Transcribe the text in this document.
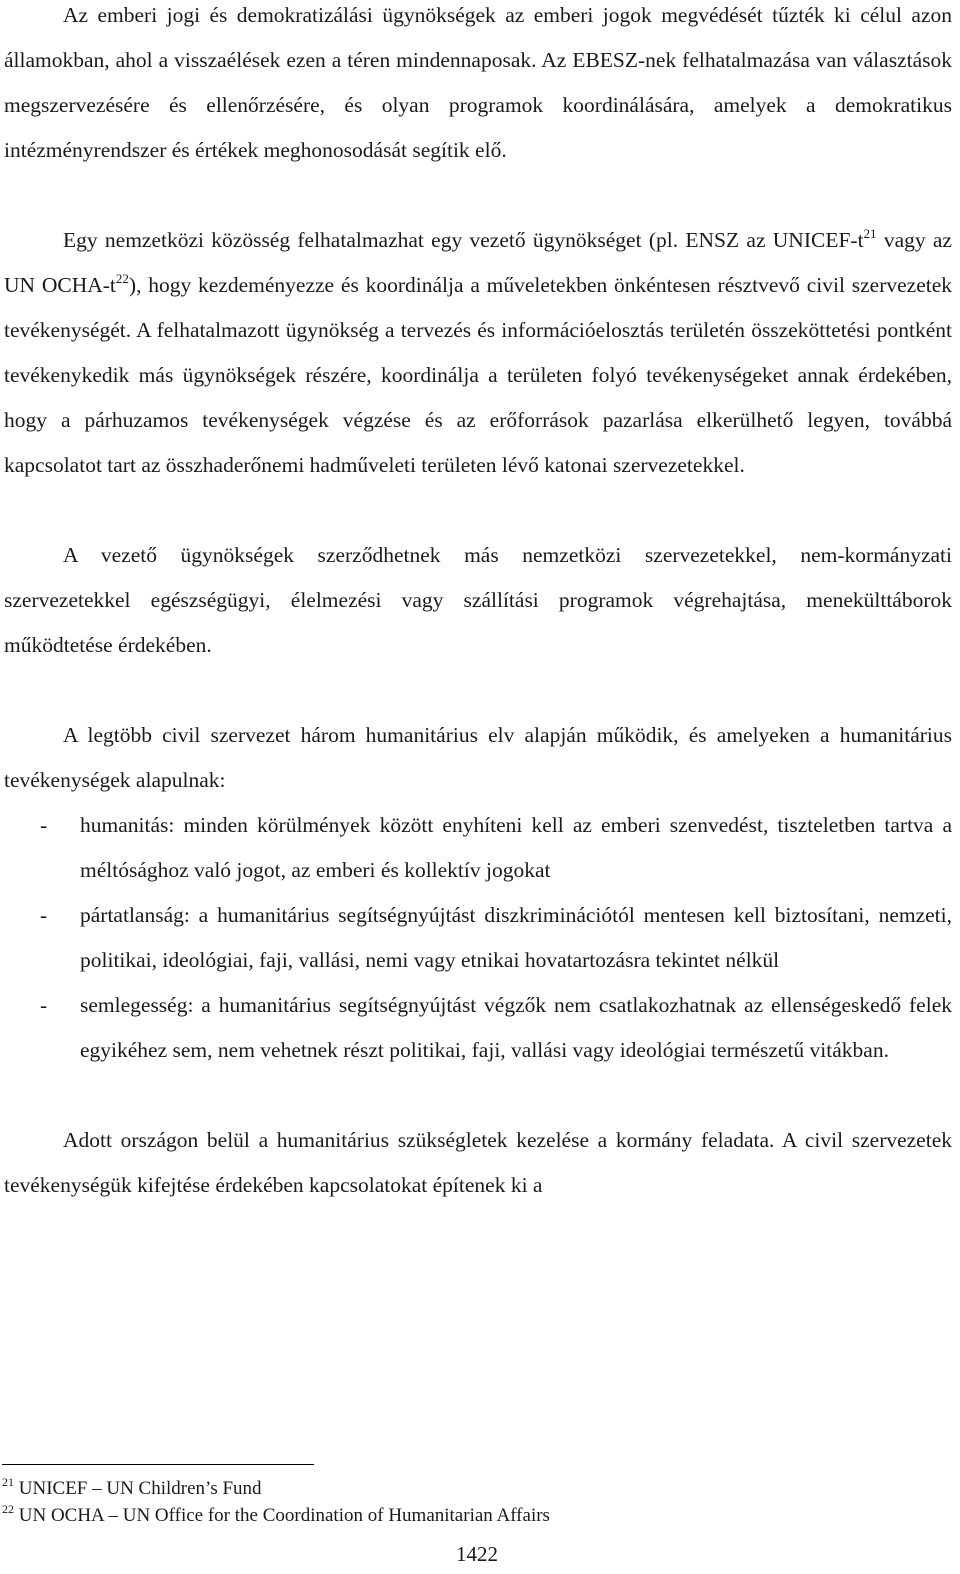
Az emberi jogi és demokratizálási ügynökségek az emberi jogok megvédését tűzték ki célul azon államokban, ahol a visszaélések ezen a téren mindennaposak. Az EBESZ-nek felhatalmazása van választások megszervezésére és ellenőrzésére, és olyan programok koordinálására, amelyek a demokratikus intézményrendszer és értékek meghonosodását segítik elő.

Egy nemzetközi közösség felhatalmazhat egy vezető ügynökséget (pl. ENSZ az UNICEF-$t^{21}$ vagy az UN OCHA-$t^{22}$), hogy kezdeményezze és koordinálja a műveletekben önkéntesen résztvevő civil szervezetek tevékenységét. A felhatalmazott ügynökség a tervezés és információelosztás területén összeköttetési pontként tevékenykedik más ügynökségek részére, koordinálja a területen folyó tevékenységeket annak érdekében, hogy a párhuzamos tevékenységek végzése és az erőforrások pazarlása elkerülhető legyen, továbbá kapcsolatot tart az összhaderőnemi hadműveleti területen lévő katonai szervezetekkel.

A vezető ügynökségek szerződhetnek más nemzetközi szervezetekkel, nem-kormányzati szervezetekkel egészségügyi, élelmezési vagy szállítási programok végrehajtása, menekülttáborok működtetése érdekében.

A legtöbb civil szervezet három humanitárius elv alapján működik, és amelyeken a humanitárius tevékenységek alapulnak:

- humanitás: minden körülmények között enyhíteni kell az emberi szenvedést, tiszteletben tartva a méltósághoz való jogot, az emberi és kollektív jogokat
- pártatlanság: a humanitárius segítségnyújtást diszkriminációtól mentesen kell biztosítani, nemzeti, politikai, ideológiai, faji, vallási, nemi vagy etnikai hovatartozásra tekintet nélkül
- semlegesség: a humanitárius segítségnyújtást végzők nem csatlakozhatnak az ellenségeskedő felek egyikéhez sem, nem vehetnek részt politikai, faji, vallási vagy ideológiai természetű vitákban.

Adott országon belül a humanitárius szükségletek kezelése a kormány feladata. A civil szervezetek tevékenységük kifejtése érdekében kapcsolatokat építenek ki a

$^{21}$ UNICEF – UN Children’s Fund
$^{22}$ UN OCHA – UN Office for the Coordination of Humanitarian Affairs
1422
